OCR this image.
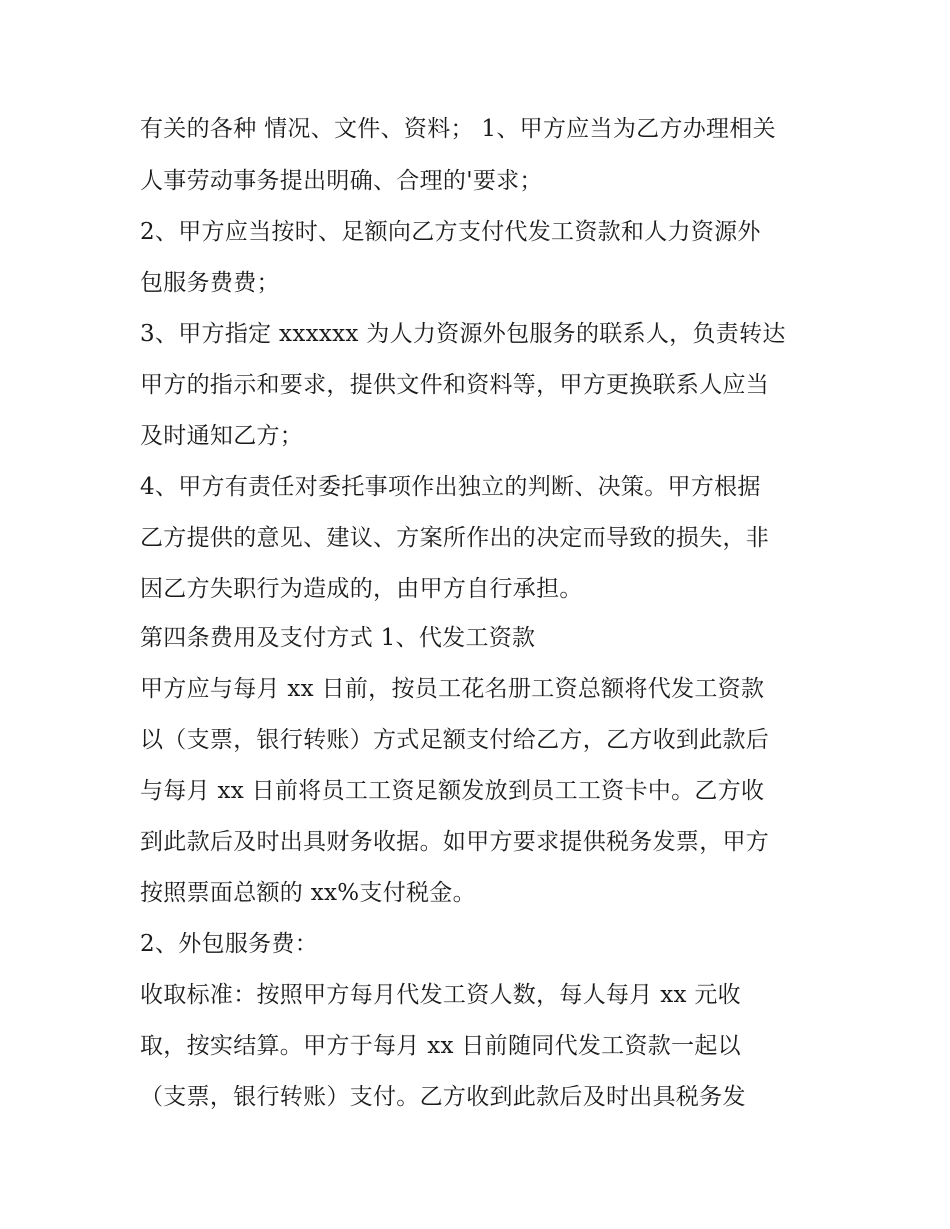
有关的各种 情况、文件、资料； 1、甲方应当为乙方办理相关
人事劳动事务提出明确、合理的'要求；
2、甲方应当按时、足额向乙方支付代发工资款和人力资源外
包服务费费；
3、甲方指定 xxxxxx 为人力资源外包服务的联系人，负责转达
甲方的指示和要求，提供文件和资料等，甲方更换联系人应当
及时通知乙方；
4、甲方有责任对委托事项作出独立的判断、决策。甲方根据
乙方提供的意见、建议、方案所作出的决定而导致的损失，非
因乙方失职行为造成的，由甲方自行承担。
第四条费用及支付方式 1、代发工资款
甲方应与每月 xx 日前，按员工花名册工资总额将代发工资款
以（支票，银行转账）方式足额支付给乙方，乙方收到此款后
与每月 xx 日前将员工工资足额发放到员工工资卡中。乙方收
到此款后及时出具财务收据。如甲方要求提供税务发票，甲方
按照票面总额的 xx%支付税金。
2、外包服务费：
收取标准：按照甲方每月代发工资人数，每人每月 xx 元收
取，按实结算。甲方于每月 xx 日前随同代发工资款一起以
（支票，银行转账）支付。乙方收到此款后及时出具税务发
